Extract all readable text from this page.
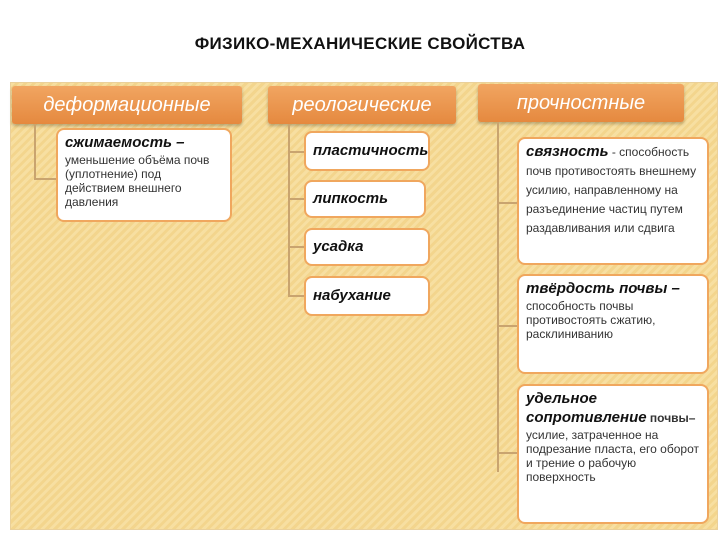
ФИЗИКО-МЕХАНИЧЕСКИЕ СВОЙСТВА
деформационные
сжимаемость –
уменьшение объёма почв (уплотнение) под действием внешнего давления
реологические
пластичность
липкость
усадка
набухание
прочностные
связность - способность почв противостоять внешнему усилию, направленному на разъединение частиц путем раздавливания или сдвига
твёрдость почвы –
способность почвы противостоять сжатию, расклиниванию
удельное сопротивление почвы–
усилие, затраченное на подрезание пласта, его оборот и трение о рабочую поверхность
